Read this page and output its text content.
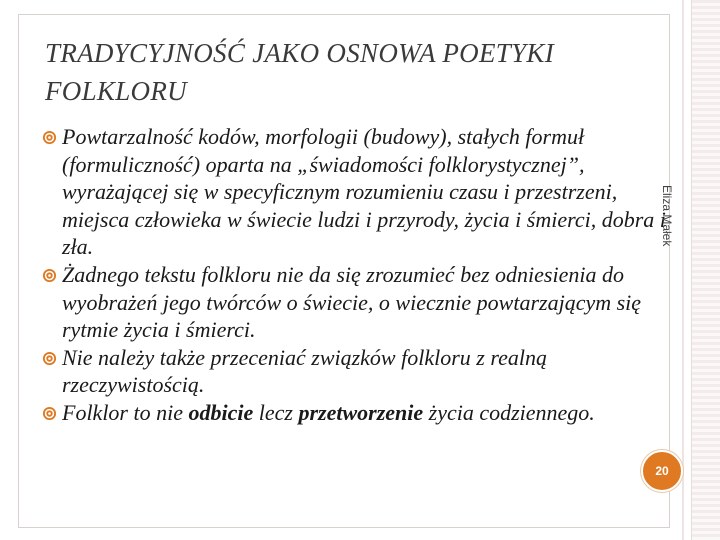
TRADYCYJNOŚĆ JAKO OSNOWA POETYKI FOLKLORU

Powtarzalność kodów, morfologii (budowy), stałych formuł (formuliczność) oparta na „świadomości folklorystycznej”, wyrażającej się w specyficznym rozumieniu czasu i przestrzeni, miejsca człowieka w świecie ludzi i przyrody, życia i śmierci, dobra i zła.

Żadnego tekstu folkloru nie da się zrozumieć bez odniesienia do wyobrażeń jego twórców o świecie, o wiecznie powtarzającym się rytmie życia i śmierci.

Nie należy także przeceniać związków folkloru z realną rzeczywistością.

Folklor to nie odbicie lecz przetworzenie życia codziennego.

Eliza Małek
20
